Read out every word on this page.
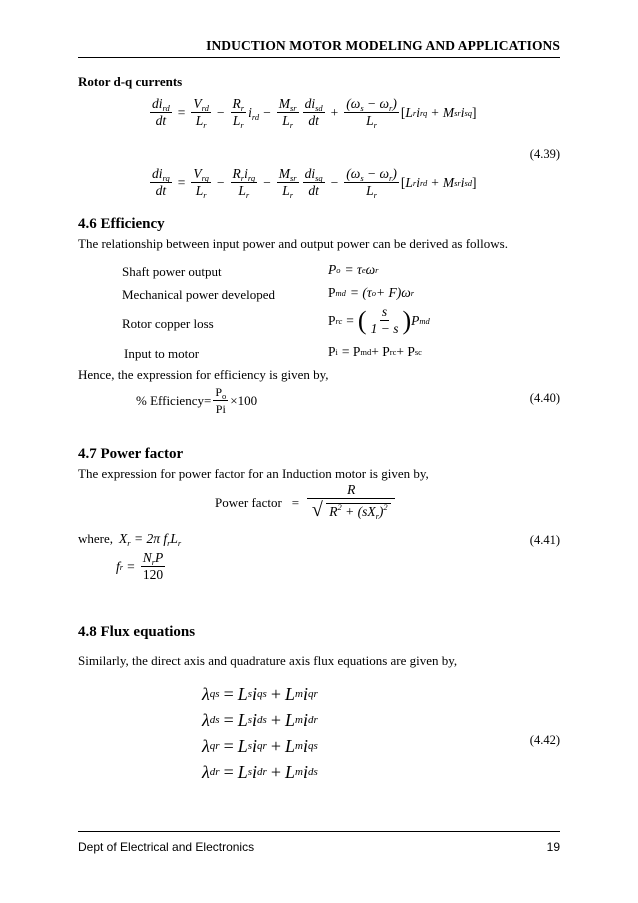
INDUCTION MOTOR MODELING AND APPLICATIONS
Rotor d-q currents
$\frac{di_{rd}}{dt} = \frac{V_{rd}}{L_r} - \frac{R_r}{L_r} i_{rd} - \frac{M_{sr}}{L_r} \frac{di_{sd}}{dt} + \frac{(\omega_s - \omega_r)}{L_r}$ [ L r i rq + M sr i sq ]
(4.39)
$\frac{di_{rq}}{dt} = \frac{V_{rq}}{L_r} - \frac{R_ri_{rq}}{L_r} - \frac{M_{sr}}{L_r} \frac{di_{sq}}{dt} - \frac{(\omega_s - \omega_r)}{L_r}$ [ L r i rd + M sr i sd ]
4.6 Efficiency
The relationship between input power and output power can be derived as follows.
Shaft power output	P o = τ e ω r
Mechanical power developed	P md = (τ o + F)ω r
Rotor copper loss	P rc = ( $\frac{s}{1 - s}$ ) P md
Input to motor	P i = P md + P rc + P sc
Hence, the expression for efficiency is given by,
% Efficiency= $\frac{P_o}{Pi} \times 100$	(4.40)
4.7 Power factor
The expression for power factor for an Induction motor is given by,
Power factor = $\frac{R}{√ R^2 + (sX_r)^2}$
where, $X_r = 2\pi$ $f_rL_r$	(4.41)
f $r = \frac{N_rP}{120}$
4.8 Flux equations
Similarly, the direct axis and quadrature axis flux equations are given by,
λ qs = L s i qs + L m i qr
λ ds = L s i ds + L m i dr
λ qr = L s i qr + L m i qs
λ dr = L s i dr + L m i ds
(4.42)
Dept of Electrical and Electronics	19
